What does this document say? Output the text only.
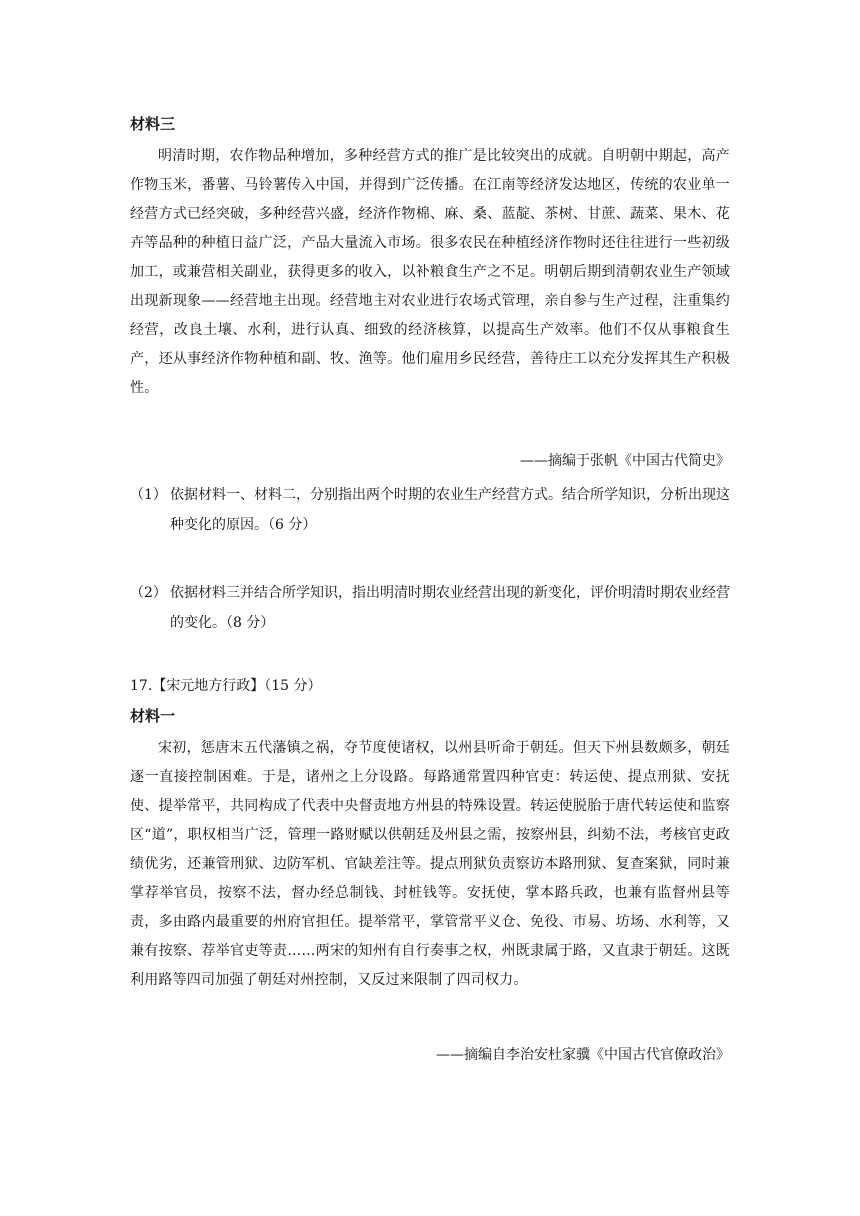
材料三

明清时期，农作物品种增加，多种经营方式的推广是比较突出的成就。自明朝中期起，高产作物玉米，番薯、马铃薯传入中国，并得到广泛传播。在江南等经济发达地区，传统的农业单一经营方式已经突破，多种经营兴盛，经济作物棉、麻、桑、蓝靛、茶树、甘蔗、蔬菜、果木、花卉等品种的种植日益广泛，产品大量流入市场。很多农民在种植经济作物时还往往进行一些初级加工，或兼营相关副业，获得更多的收入，以补粮食生产之不足。明朝后期到清朝农业生产领域出现新现象——经营地主出现。经营地主对农业进行农场式管理，亲自参与生产过程，注重集约经营，改良土壤、水利，进行认真、细致的经济核算，以提高生产效率。他们不仅从事粮食生产，还从事经济作物种植和副、牧、渔等。他们雇用乡民经营，善待庄工以充分发挥其生产积极性。

——摘编于张帆《中国古代简史》
（1） 依据材料一、材料二，分别指出两个时期的农业生产经营方式。结合所学知识，分析出现这种变化的原因。（6 分）
（2） 依据材料三并结合所学知识，指出明清时期农业经营出现的新变化，评价明清时期农业经营的变化。（8 分）
17.【宋元地方行政】（15 分）
材料一

宋初，惩唐末五代藩镇之祸，夺节度使诸权，以州县听命于朝廷。但天下州县数颇多，朝廷逐一直接控制困难。于是，诸州之上分设路。每路通常置四种官吏：转运使、提点刑狱、安抚使、提举常平，共同构成了代表中央督责地方州县的特殊设置。转运使脱胎于唐代转运使和监察区“道”，职权相当广泛，管理一路财赋以供朝廷及州县之需，按察州县，纠劾不法，考核官吏政绩优劣，还兼管刑狱、边防军机、官缺差注等。提点刑狱负责察访本路刑狱、复查案狱，同时兼掌荐举官员，按察不法，督办经总制钱、封桩钱等。安抚使，掌本路兵政，也兼有监督州县等责，多由路内最重要的州府官担任。提举常平，掌管常平义仓、免役、市易、坊场、水利等，又兼有按察、荐举官吏等责……两宋的知州有自行奏事之权，州既隶属于路，又直隶于朝廷。这既利用路等四司加强了朝廷对州控制，又反过来限制了四司权力。

——摘编自李治安杜家骥《中国古代官僚政治》
